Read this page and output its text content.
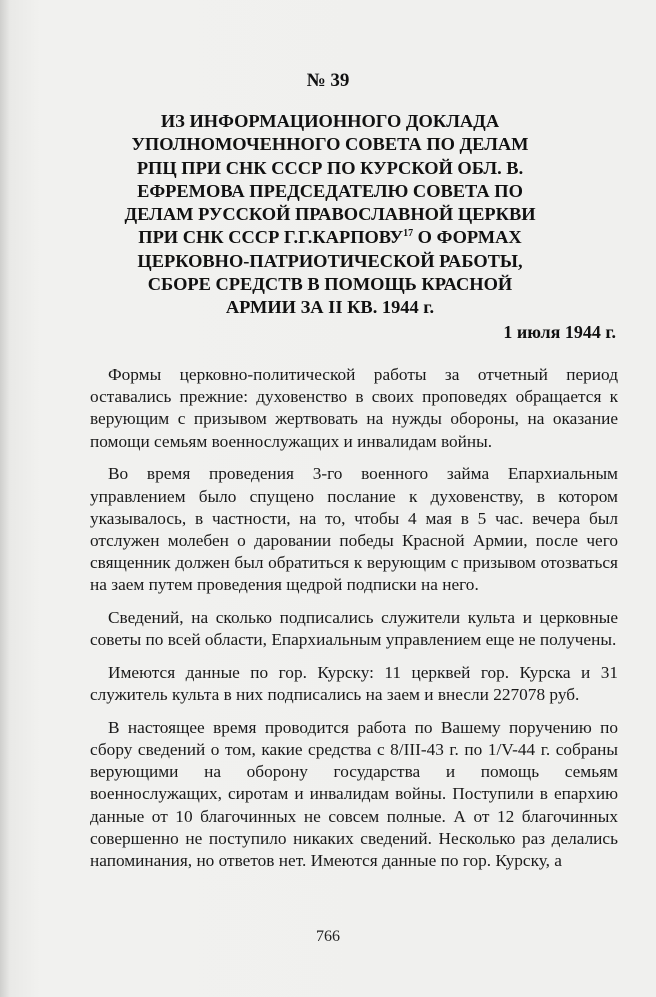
№ 39
ИЗ ИНФОРМАЦИОННОГО ДОКЛАДА УПОЛНОМОЧЕННОГО СОВЕТА ПО ДЕЛАМ РПЦ ПРИ СНК СССР ПО КУРСКОЙ ОБЛ. В. ЕФРЕМОВА ПРЕДСЕДАТЕЛЮ СОВЕТА ПО ДЕЛАМ РУССКОЙ ПРАВОСЛАВНОЙ ЦЕРКВИ ПРИ СНК СССР Г.Г.КАРПОВУ$^{17}$ О ФОРМАХ ЦЕРКОВНО-ПАТРИОТИЧЕСКОЙ РАБОТЫ, СБОРЕ СРЕДСТВ В ПОМОЩЬ КРАСНОЙ АРМИИ ЗА II КВ. 1944 г.
1 июля 1944 г.

Формы церковно-политической работы за отчетный период оставались прежние: духовенство в своих проповедях обращается к верующим с призывом жертвовать на нужды обороны, на оказание помощи семьям военнослужащих и инвалидам войны.

Во время проведения 3-го военного займа Епархиальным управлением было спущено послание к духовенству, в котором указывалось, в частности, на то, чтобы 4 мая в 5 час. вечера был отслужен молебен о даровании победы Красной Армии, после чего священник должен был обратиться к верующим с призывом отозваться на заем путем проведения щедрой подписки на него.

Сведений, на сколько подписались служители культа и церковные советы по всей области, Епархиальным управлением еще не получены.

Имеются данные по гор. Курску: 11 церквей гор. Курска и 31 служитель культа в них подписались на заем и внесли 227078 руб.

В настоящее время проводится работа по Вашему поручению по сбору сведений о том, какие средства с 8/III-43 г. по 1/V-44 г. собраны верующими на оборону государства и помощь семьям военнослужащих, сиротам и инвалидам войны. Поступили в епархию данные от 10 благочинных не совсем полные. А от 12 благочинных совершенно не поступило никаких сведений. Несколько раз делались напоминания, но ответов нет. Имеются данные по гор. Курску, а

766
